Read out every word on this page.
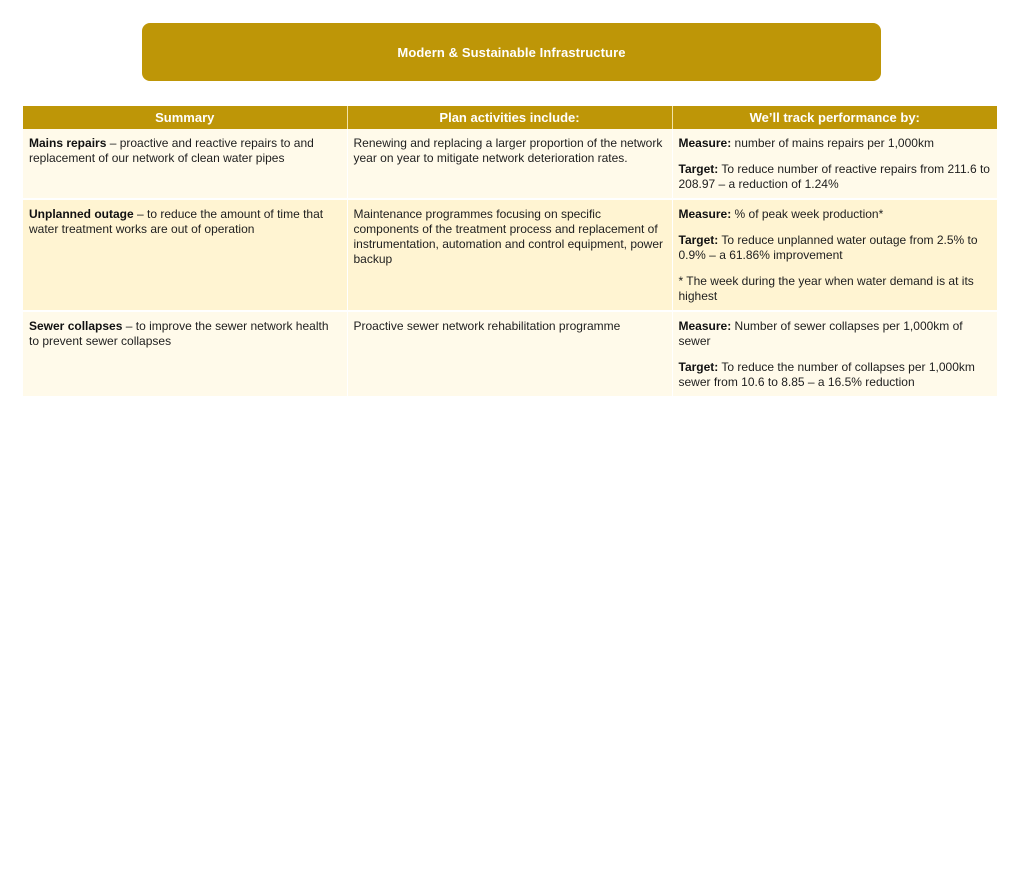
Modern & Sustainable Infrastructure
Summary	Plan activities include:	We’ll track performance by:

Mains repairs – proactive and reactive repairs to and replacement of our network of clean water pipes	Renewing and replacing a larger proportion of the network year on year to mitigate network deterioration rates.	Measure: number of mains repairs per 1,000km

Target: To reduce number of reactive repairs from 211.6 to 208.97 – a reduction of 1.24%

Unplanned outage – to reduce the amount of time that water treatment works are out of operation	Maintenance programmes focusing on specific components of the treatment process and replacement of instrumentation, automation and control equipment, power backup	Measure: % of peak week production*

Target: To reduce unplanned water outage from 2.5% to 0.9% – a 61.86% improvement

* The week during the year when water demand is at its highest

Sewer collapses – to improve the sewer network health to prevent sewer collapses	Proactive sewer network rehabilitation programme	Measure: Number of sewer collapses per 1,000km of sewer

Target: To reduce the number of collapses per 1,000km sewer from 10.6 to 8.85 – a 16.5% reduction
